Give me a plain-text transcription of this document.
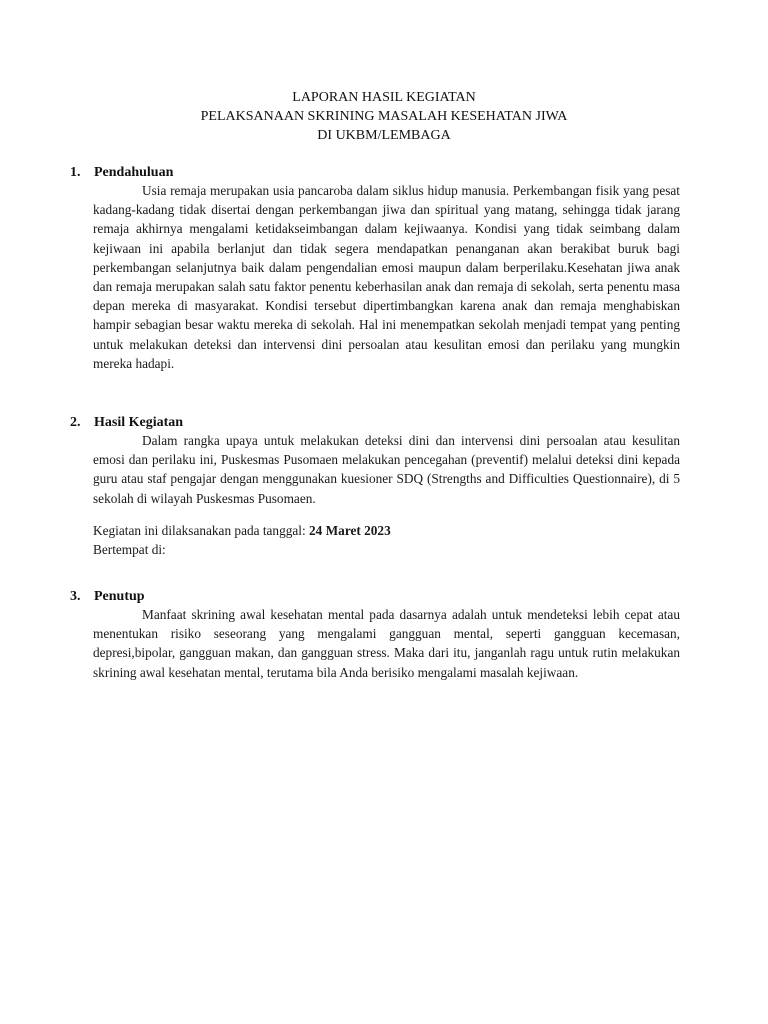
LAPORAN HASIL KEGIATAN
PELAKSANAAN SKRINING MASALAH KESEHATAN JIWA
DI UKBM/LEMBAGA
1. Pendahuluan

Usia remaja merupakan usia pancaroba dalam siklus hidup manusia. Perkembangan fisik yang pesat kadang-kadang tidak disertai dengan perkembangan jiwa dan spiritual yang matang, sehingga tidak jarang remaja akhirnya mengalami ketidakseimbangan dalam kejiwaanya. Kondisi yang tidak seimbang dalam kejiwaan ini apabila berlanjut dan tidak segera mendapatkan penanganan akan berakibat buruk bagi perkembangan selanjutnya baik dalam pengendalian emosi maupun dalam berperilaku.Kesehatan jiwa anak dan remaja merupakan salah satu faktor penentu keberhasilan anak dan remaja di sekolah, serta penentu masa depan mereka di masyarakat. Kondisi tersebut dipertimbangkan karena anak dan remaja menghabiskan hampir sebagian besar waktu mereka di sekolah. Hal ini menempatkan sekolah menjadi tempat yang penting untuk melakukan deteksi dan intervensi dini persoalan atau kesulitan emosi dan perilaku yang mungkin mereka hadapi.

2. Hasil Kegiatan

Dalam rangka upaya untuk melakukan deteksi dini dan intervensi dini persoalan atau kesulitan emosi dan perilaku ini, Puskesmas Pusomaen melakukan pencegahan (preventif) melalui deteksi dini kepada guru atau staf pengajar dengan menggunakan kuesioner SDQ (Strengths and Difficulties Questionnaire), di 5 sekolah di wilayah Puskesmas Pusomaen.

Kegiatan ini dilaksanakan pada tanggal: 24 Maret 2023

Bertempat di:

3. Penutup

Manfaat skrining awal kesehatan mental pada dasarnya adalah untuk mendeteksi lebih cepat atau menentukan risiko seseorang yang mengalami gangguan mental, seperti gangguan kecemasan, depresi,bipolar, gangguan makan, dan gangguan stress. Maka dari itu, janganlah ragu untuk rutin melakukan skrining awal kesehatan mental, terutama bila Anda berisiko mengalami masalah kejiwaan.
